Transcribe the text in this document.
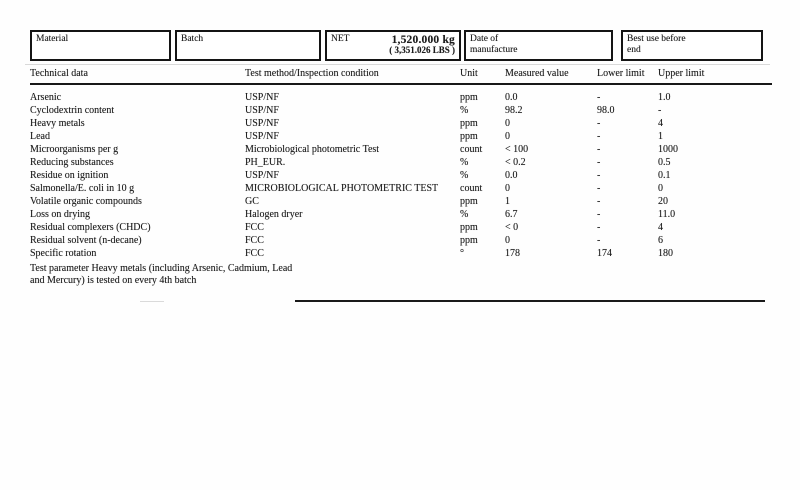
Material	Batch	NET	1,520.000 kg
( 3,351.026 LBS )
Date of
manufacture
Best use before
end
Technical data	Test method/Inspection condition	Unit	Measured value	Lower limit	Upper limit
Arsenic	USP/NF	ppm	0.0	-	1.0
Cyclodextrin content	USP/NF	%	98.2	98.0	-
Heavy metals	USP/NF	ppm	0	-	4
Lead	USP/NF	ppm	0	-	1
Microorganisms per g	Microbiological photometric Test	count	< 100	-	1000
Reducing substances	PH_EUR.	%	< 0.2	-	0.5
Residue on ignition	USP/NF	%	0.0	-	0.1
Salmonella/E. coli in 10 g	MICROBIOLOGICAL PHOTOMETRIC TEST	count	0	-	0
Volatile organic compounds	GC	ppm	1	-	20
Loss on drying	Halogen dryer	%	6.7	-	11.0
Residual complexers (CHDC)	FCC	ppm	< 0	-	4
Residual solvent (n-decane)	FCC	ppm	0	-	6
Specific rotation	FCC	°	178	174	180
Test parameter Heavy metals (including Arsenic, Cadmium, Lead
and Mercury) is tested on every 4th batch
